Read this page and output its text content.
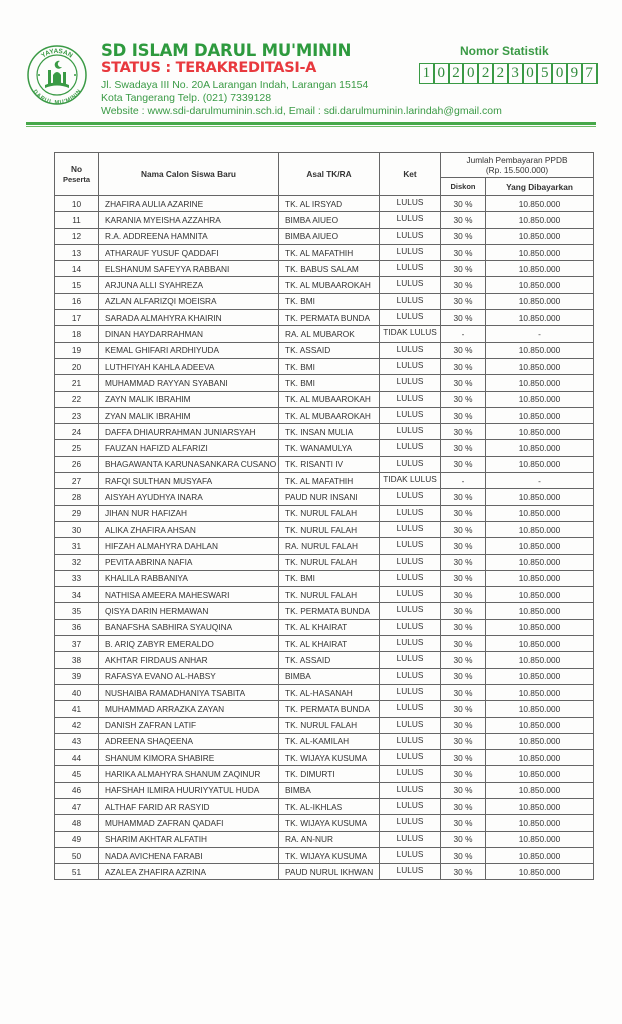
YAYASAN
DARUL MU'MININ
SD ISLAM DARUL MU'MININ
STATUS : TERAKREDITASI-A
Jl. Swadaya III No. 20A Larangan Indah, Larangan 15154
Kota Tangerang Telp. (021) 7339128
Website : www.sdi-darulmuminin.sch.id, Email : sdi.darulmuminin.larindah@gmail.com
Nomor Statistik
1 0 2 0 2 2 3 0 5 0 9 7
No
Peserta	Nama Calon Siswa Baru	Asal TK/RA	Ket	Jumlah Pembayaran PPDB
(Rp. 15.500.000)	
				Diskon	Yang Dibayarkan
10	ZHAFIRA AULIA AZARINE	TK. AL IRSYAD	LULUS	30 %	10.850.000
11	KARANIA MYEISHA AZZAHRA	BIMBA AIUEO	LULUS	30 %	10.850.000
12	R.A. ADDREENA HAMNITA	BIMBA AIUEO	LULUS	30 %	10.850.000
13	ATHARAUF YUSUF QADDAFI	TK. AL MAFATHIH	LULUS	30 %	10.850.000
14	ELSHANUM SAFEYYA RABBANI	TK. BABUS SALAM	LULUS	30 %	10.850.000
15	ARJUNA ALLI SYAHREZA	TK. AL MUBAAROKAH	LULUS	30 %	10.850.000
16	AZLAN ALFARIZQI MOEISRA	TK. BMI	LULUS	30 %	10.850.000
17	SARADA ALMAHYRA KHAIRIN	TK. PERMATA BUNDA	LULUS	30 %	10.850.000
18	DINAN HAYDARRAHMAN	RA. AL MUBAROK	TIDAK LULUS	-	-
19	KEMAL GHIFARI ARDHIYUDA	TK. ASSAID	LULUS	30 %	10.850.000
20	LUTHFIYAH KAHLA ADEEVA	TK. BMI	LULUS	30 %	10.850.000
21	MUHAMMAD RAYYAN SYABANI	TK. BMI	LULUS	30 %	10.850.000
22	ZAYN MALIK IBRAHIM	TK. AL MUBAAROKAH	LULUS	30 %	10.850.000
23	ZYAN MALIK IBRAHIM	TK. AL MUBAAROKAH	LULUS	30 %	10.850.000
24	DAFFA DHIAURRAHMAN JUNIARSYAH	TK. INSAN MULIA	LULUS	30 %	10.850.000
25	FAUZAN HAFIZD ALFARIZI	TK. WANAMULYA	LULUS	30 %	10.850.000
26	BHAGAWANTA KARUNASANKARA CUSANO	TK. RISANTI IV	LULUS	30 %	10.850.000
27	RAFQI SULTHAN MUSYAFA	TK. AL MAFATHIH	TIDAK LULUS	-	-
28	AISYAH AYUDHYA INARA	PAUD NUR INSANI	LULUS	30 %	10.850.000
29	JIHAN NUR HAFIZAH	TK. NURUL FALAH	LULUS	30 %	10.850.000
30	ALIKA ZHAFIRA AHSAN	TK. NURUL FALAH	LULUS	30 %	10.850.000
31	HIFZAH ALMAHYRA DAHLAN	RA. NURUL FALAH	LULUS	30 %	10.850.000
32	PEVITA ABRINA NAFIA	TK. NURUL FALAH	LULUS	30 %	10.850.000
33	KHALILA RABBANIYA	TK. BMI	LULUS	30 %	10.850.000
34	NATHISA AMEERA MAHESWARI	TK. NURUL FALAH	LULUS	30 %	10.850.000
35	QISYA DARIN HERMAWAN	TK. PERMATA BUNDA	LULUS	30 %	10.850.000
36	BANAFSHA SABHIRA SYAUQINA	TK. AL KHAIRAT	LULUS	30 %	10.850.000
37	B. ARIQ ZABYR EMERALDO	TK. AL KHAIRAT	LULUS	30 %	10.850.000
38	AKHTAR FIRDAUS ANHAR	TK. ASSAID	LULUS	30 %	10.850.000
39	RAFASYA EVANO AL-HABSY	BIMBA	LULUS	30 %	10.850.000
40	NUSHAIBA RAMADHANIYA TSABITA	TK. AL-HASANAH	LULUS	30 %	10.850.000
41	MUHAMMAD ARRAZKA ZAYAN	TK. PERMATA BUNDA	LULUS	30 %	10.850.000
42	DANISH ZAFRAN LATIF	TK. NURUL FALAH	LULUS	30 %	10.850.000
43	ADREENA SHAQEENA	TK. AL-KAMILAH	LULUS	30 %	10.850.000
44	SHANUM KIMORA SHABIRE	TK. WIJAYA KUSUMA	LULUS	30 %	10.850.000
45	HARIKA ALMAHYRA SHANUM ZAQINUR	TK. DIMURTI	LULUS	30 %	10.850.000
46	HAFSHAH ILMIRA HUURIYYATUL HUDA	BIMBA	LULUS	30 %	10.850.000
47	ALTHAF FARID AR RASYID	TK. AL-IKHLAS	LULUS	30 %	10.850.000
48	MUHAMMAD ZAFRAN QADAFI	TK. WIJAYA KUSUMA	LULUS	30 %	10.850.000
49	SHARIM AKHTAR ALFATIH	RA. AN-NUR	LULUS	30 %	10.850.000
50	NADA AVICHENA FARABI	TK. WIJAYA KUSUMA	LULUS	30 %	10.850.000
51	AZALEA ZHAFIRA AZRINA	PAUD NURUL IKHWAN	LULUS	30 %	10.850.000
